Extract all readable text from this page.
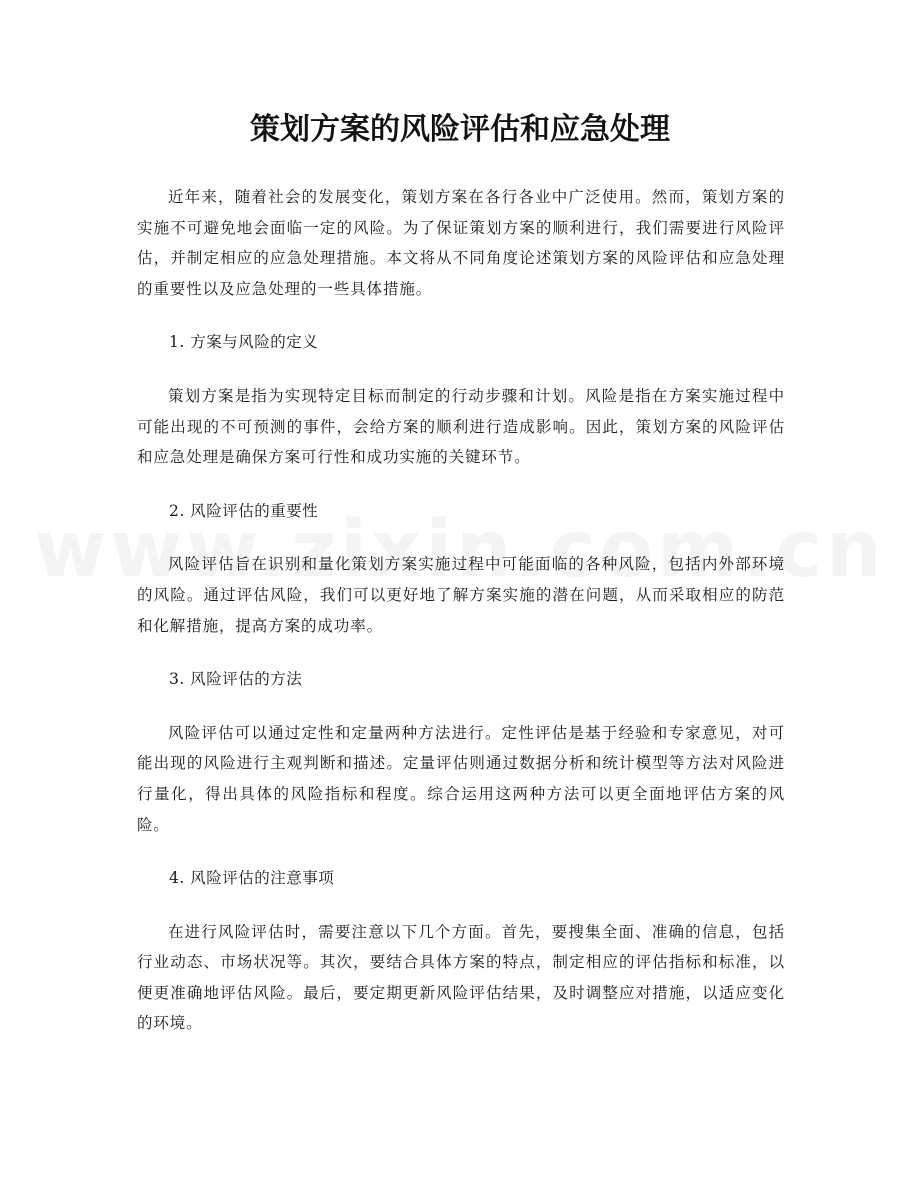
策划方案的风险评估和应急处理

近年来，随着社会的发展变化，策划方案在各行各业中广泛使用。然而，策划方案的实施不可避免地会面临一定的风险。为了保证策划方案的顺利进行，我们需要进行风险评估，并制定相应的应急处理措施。本文将从不同角度论述策划方案的风险评估和应急处理的重要性以及应急处理的一些具体措施。

1. 方案与风险的定义

策划方案是指为实现特定目标而制定的行动步骤和计划。风险是指在方案实施过程中可能出现的不可预测的事件，会给方案的顺利进行造成影响。因此，策划方案的风险评估和应急处理是确保方案可行性和成功实施的关键环节。

2. 风险评估的重要性

风险评估旨在识别和量化策划方案实施过程中可能面临的各种风险，包括内外部环境的风险。通过评估风险，我们可以更好地了解方案实施的潜在问题，从而采取相应的防范和化解措施，提高方案的成功率。

3. 风险评估的方法

风险评估可以通过定性和定量两种方法进行。定性评估是基于经验和专家意见，对可能出现的风险进行主观判断和描述。定量评估则通过数据分析和统计模型等方法对风险进行量化，得出具体的风险指标和程度。综合运用这两种方法可以更全面地评估方案的风险。

4. 风险评估的注意事项

在进行风险评估时，需要注意以下几个方面。首先，要搜集全面、准确的信息，包括行业动态、市场状况等。其次，要结合具体方案的特点，制定相应的评估指标和标准，以便更准确地评估风险。最后，要定期更新风险评估结果，及时调整应对措施，以适应变化的环境。
